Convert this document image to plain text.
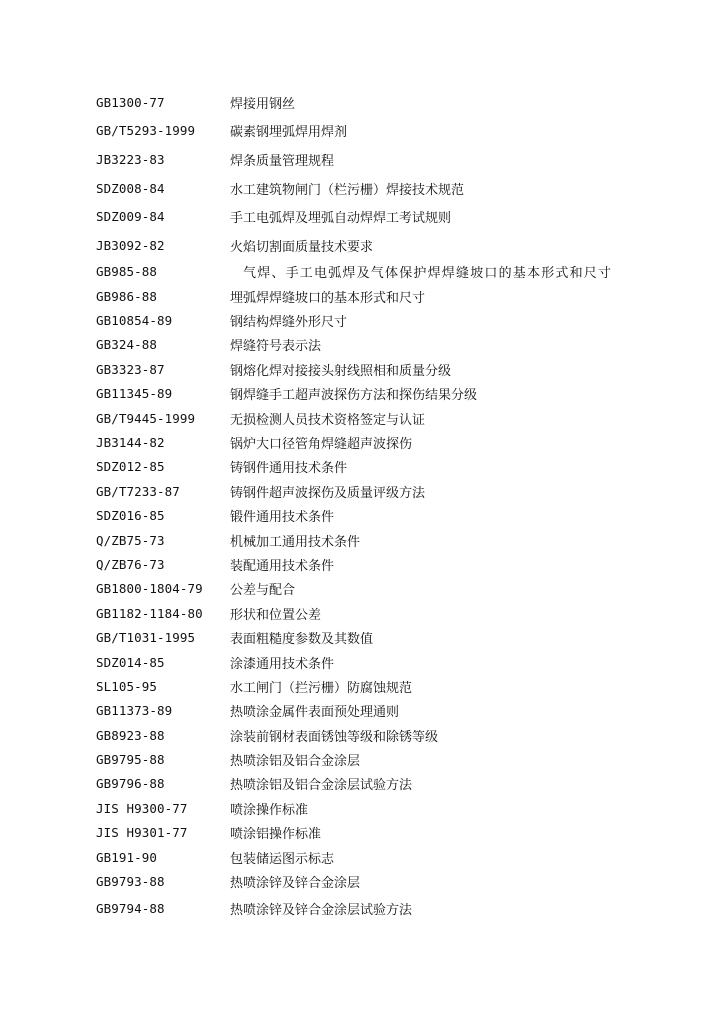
GB1300-77	焊接用钢丝
GB/T5293-1999	碳素钢埋弧焊用焊剂
JB3223-83	焊条质量管理规程
SDZ008-84	水工建筑物闸门（栏污栅）焊接技术规范
SDZ009-84	手工电弧焊及埋弧自动焊焊工考试规则
JB3092-82	火焰切割面质量技术要求
GB985-88	气焊、手工电弧焊及气体保护焊焊缝坡口的基本形式和尺寸
GB986-88	埋弧焊焊缝坡口的基本形式和尺寸
GB10854-89	钢结构焊缝外形尺寸
GB324-88	焊缝符号表示法
GB3323-87	钢熔化焊对接接头射线照相和质量分级
GB11345-89	钢焊缝手工超声波探伤方法和探伤结果分级
GB/T9445-1999	无损检测人员技术资格签定与认证
JB3144-82	锅炉大口径管角焊缝超声波探伤
SDZ012-85	铸钢件通用技术条件
GB/T7233-87	铸钢件超声波探伤及质量评级方法
SDZ016-85	锻件通用技术条件
Q/ZB75-73	机械加工通用技术条件
Q/ZB76-73	装配通用技术条件
GB1800-1804-79	公差与配合
GB1182-1184-80	形状和位置公差
GB/T1031-1995	表面粗糙度参数及其数值
SDZ014-85	涂漆通用技术条件
SL105-95	水工闸门（拦污栅）防腐蚀规范
GB11373-89	热喷涂金属件表面预处理通则
GB8923-88	涂装前钢材表面锈蚀等级和除锈等级
GB9795-88	热喷涂铝及铝合金涂层
GB9796-88	热喷涂铝及铝合金涂层试验方法
JIS H9300-77	喷涂操作标准
JIS H9301-77	喷涂铝操作标准
GB191-90	包装储运图示标志
GB9793-88	热喷涂锌及锌合金涂层
GB9794-88	热喷涂锌及锌合金涂层试验方法
